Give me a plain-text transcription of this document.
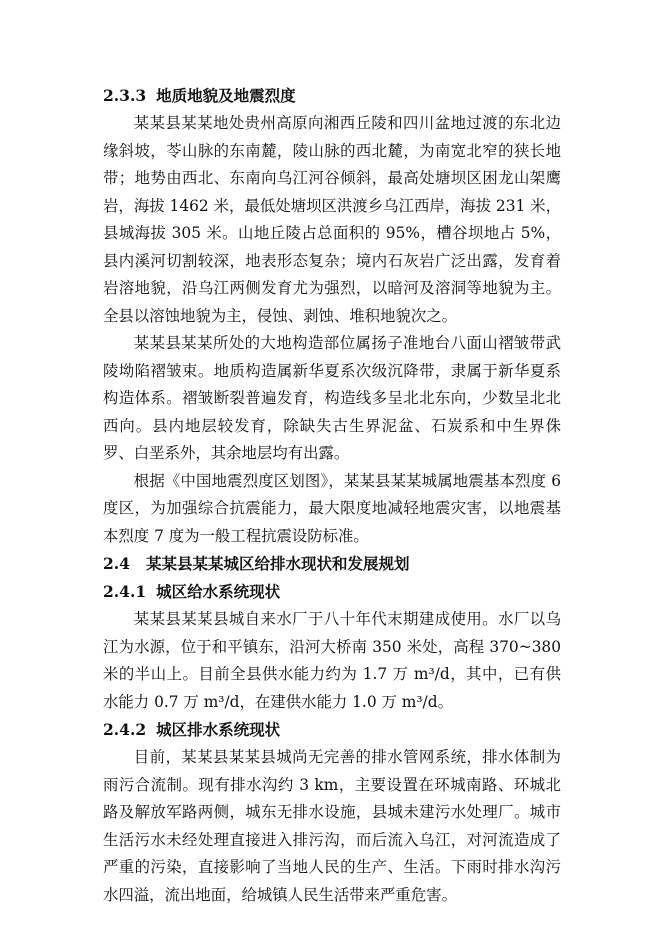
2.3.3 地质地貌及地震烈度

某某县某某地处贵州高原向湘西丘陵和四川盆地过渡的东北边缘斜坡，苓山脉的东南麓，陵山脉的西北麓，为南宽北窄的狭长地带；地势由西北、东南向乌江河谷倾斜，最高处塘坝区困龙山架鹰岩，海拔 1462 米，最低处塘坝区洪渡乡乌江西岸，海拔 231 米，县城海拔 305 米。山地丘陵占总面积的 95%，槽谷坝地占 5%，县内溪河切割较深，地表形态复杂；境内石灰岩广泛出露，发育着岩溶地貌，沿乌江两侧发育尤为强烈，以暗河及溶洞等地貌为主。全县以溶蚀地貌为主，侵蚀、剥蚀、堆积地貌次之。

某某县某某所处的大地构造部位属扬子准地台八面山褶皱带武陵坳陷褶皱束。地质构造属新华夏系次级沉降带，隶属于新华夏系构造体系。褶皱断裂普遍发育，构造线多呈北北东向，少数呈北北西向。县内地层较发育，除缺失古生界泥盆、石炭系和中生界侏罗、白垩系外，其余地层均有出露。

根据《中国地震烈度区划图》，某某县某某城属地震基本烈度 6 度区，为加强综合抗震能力，最大限度地减轻地震灾害，以地震基本烈度 7 度为一般工程抗震设防标准。

2.4 某某县某某城区给排水现状和发展规划

2.4.1 城区给水系统现状

某某县某某县城自来水厂于八十年代末期建成使用。水厂以乌江为水源，位于和平镇东，沿河大桥南 350 米处，高程 370~380 米的半山上。目前全县供水能力约为 1.7 万 m³/d，其中，已有供水能力 0.7 万 m³/d，在建供水能力 1.0 万 m³/d。

2.4.2 城区排水系统现状

目前，某某县某某县城尚无完善的排水管网系统，排水体制为雨污合流制。现有排水沟约 3 km，主要设置在环城南路、环城北路及解放军路两侧，城东无排水设施，县城未建污水处理厂。城市生活污水未经处理直接进入排污沟，而后流入乌江，对河流造成了严重的污染，直接影响了当地人民的生产、生活。下雨时排水沟污水四溢，流出地面，给城镇人民生活带来严重危害。
